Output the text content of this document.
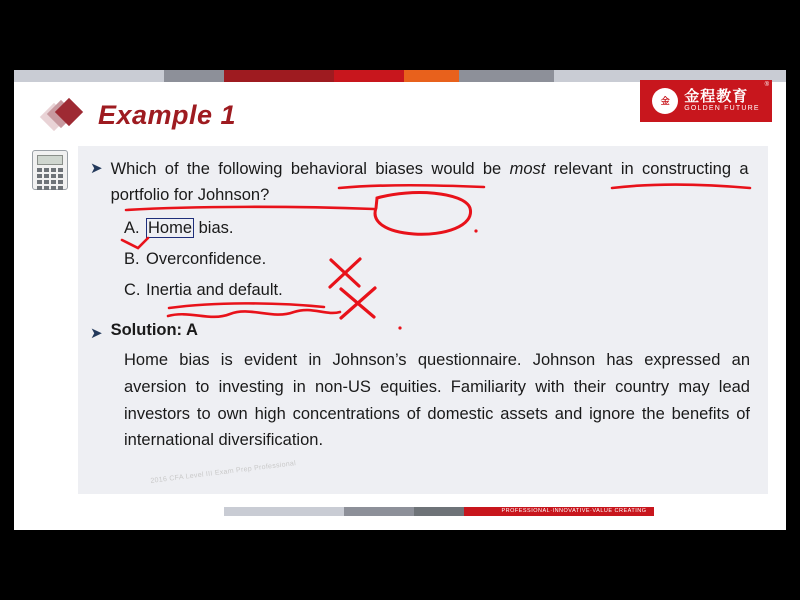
®
金 金程教育
GOLDEN FUTURE
Example 1
➤ Which of the following behavioral biases would be most relevant in constructing a portfolio for Johnson?
A. Home bias.
B. Overconfidence.
C. Inertia and default.
➤ Solution: A
Home bias is evident in Johnson’s questionnaire. Johnson has expressed an aversion to investing in non-US equities. Familiarity with their country may lead investors to own high concentrations of domestic assets and ignore the benefits of international diversification.
2016 CFA Level III Exam Prep Professional
PROFESSIONAL·INNOVATIVE·VALUE CREATING
